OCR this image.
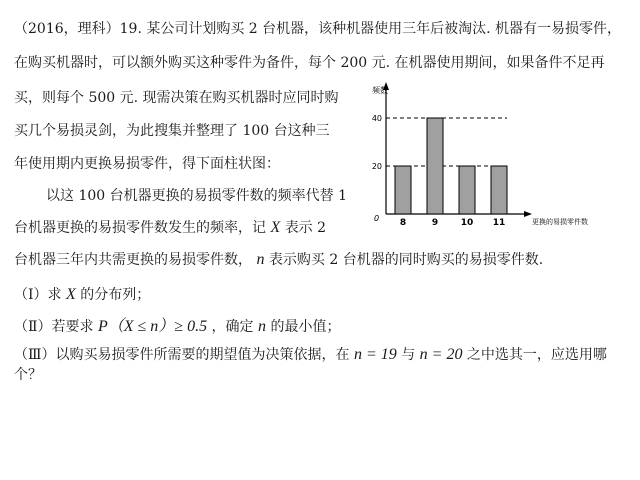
（2016，理科）19. 某公司计划购买 2 台机器，该种机器使用三年后被淘汰. 机器有一易损零件，
在购买机器时，可以额外购买这种零件为备件，每个 200 元. 在机器使用期间，如果备件不足再
买，则每个 500 元. 现需决策在购买机器时应同时购
买几个易损灵剑，为此搜集并整理了 100 台这种三
年使用期内更换易损零件，得下面柱状图：
以这 100 台机器更换的易损零件数的频率代替 1
台机器更换的易损零件数发生的频率，记 X 表示 2
台机器三年内共需更换的易损零件数， n 表示购买 2 台机器的同时购买的易损零件数.
（Ⅰ）求 X 的分布列；
（Ⅱ）若要求 P（X ≤ n）≥ 0.5 ，确定 n 的最小值；
（Ⅲ）以购买易损零件所需要的期望值为决策依据，在 n = 19 与 n = 20 之中选其一，应选用哪
个？
频数
更换的易损零件数
0
20
40
8	9	10 11
